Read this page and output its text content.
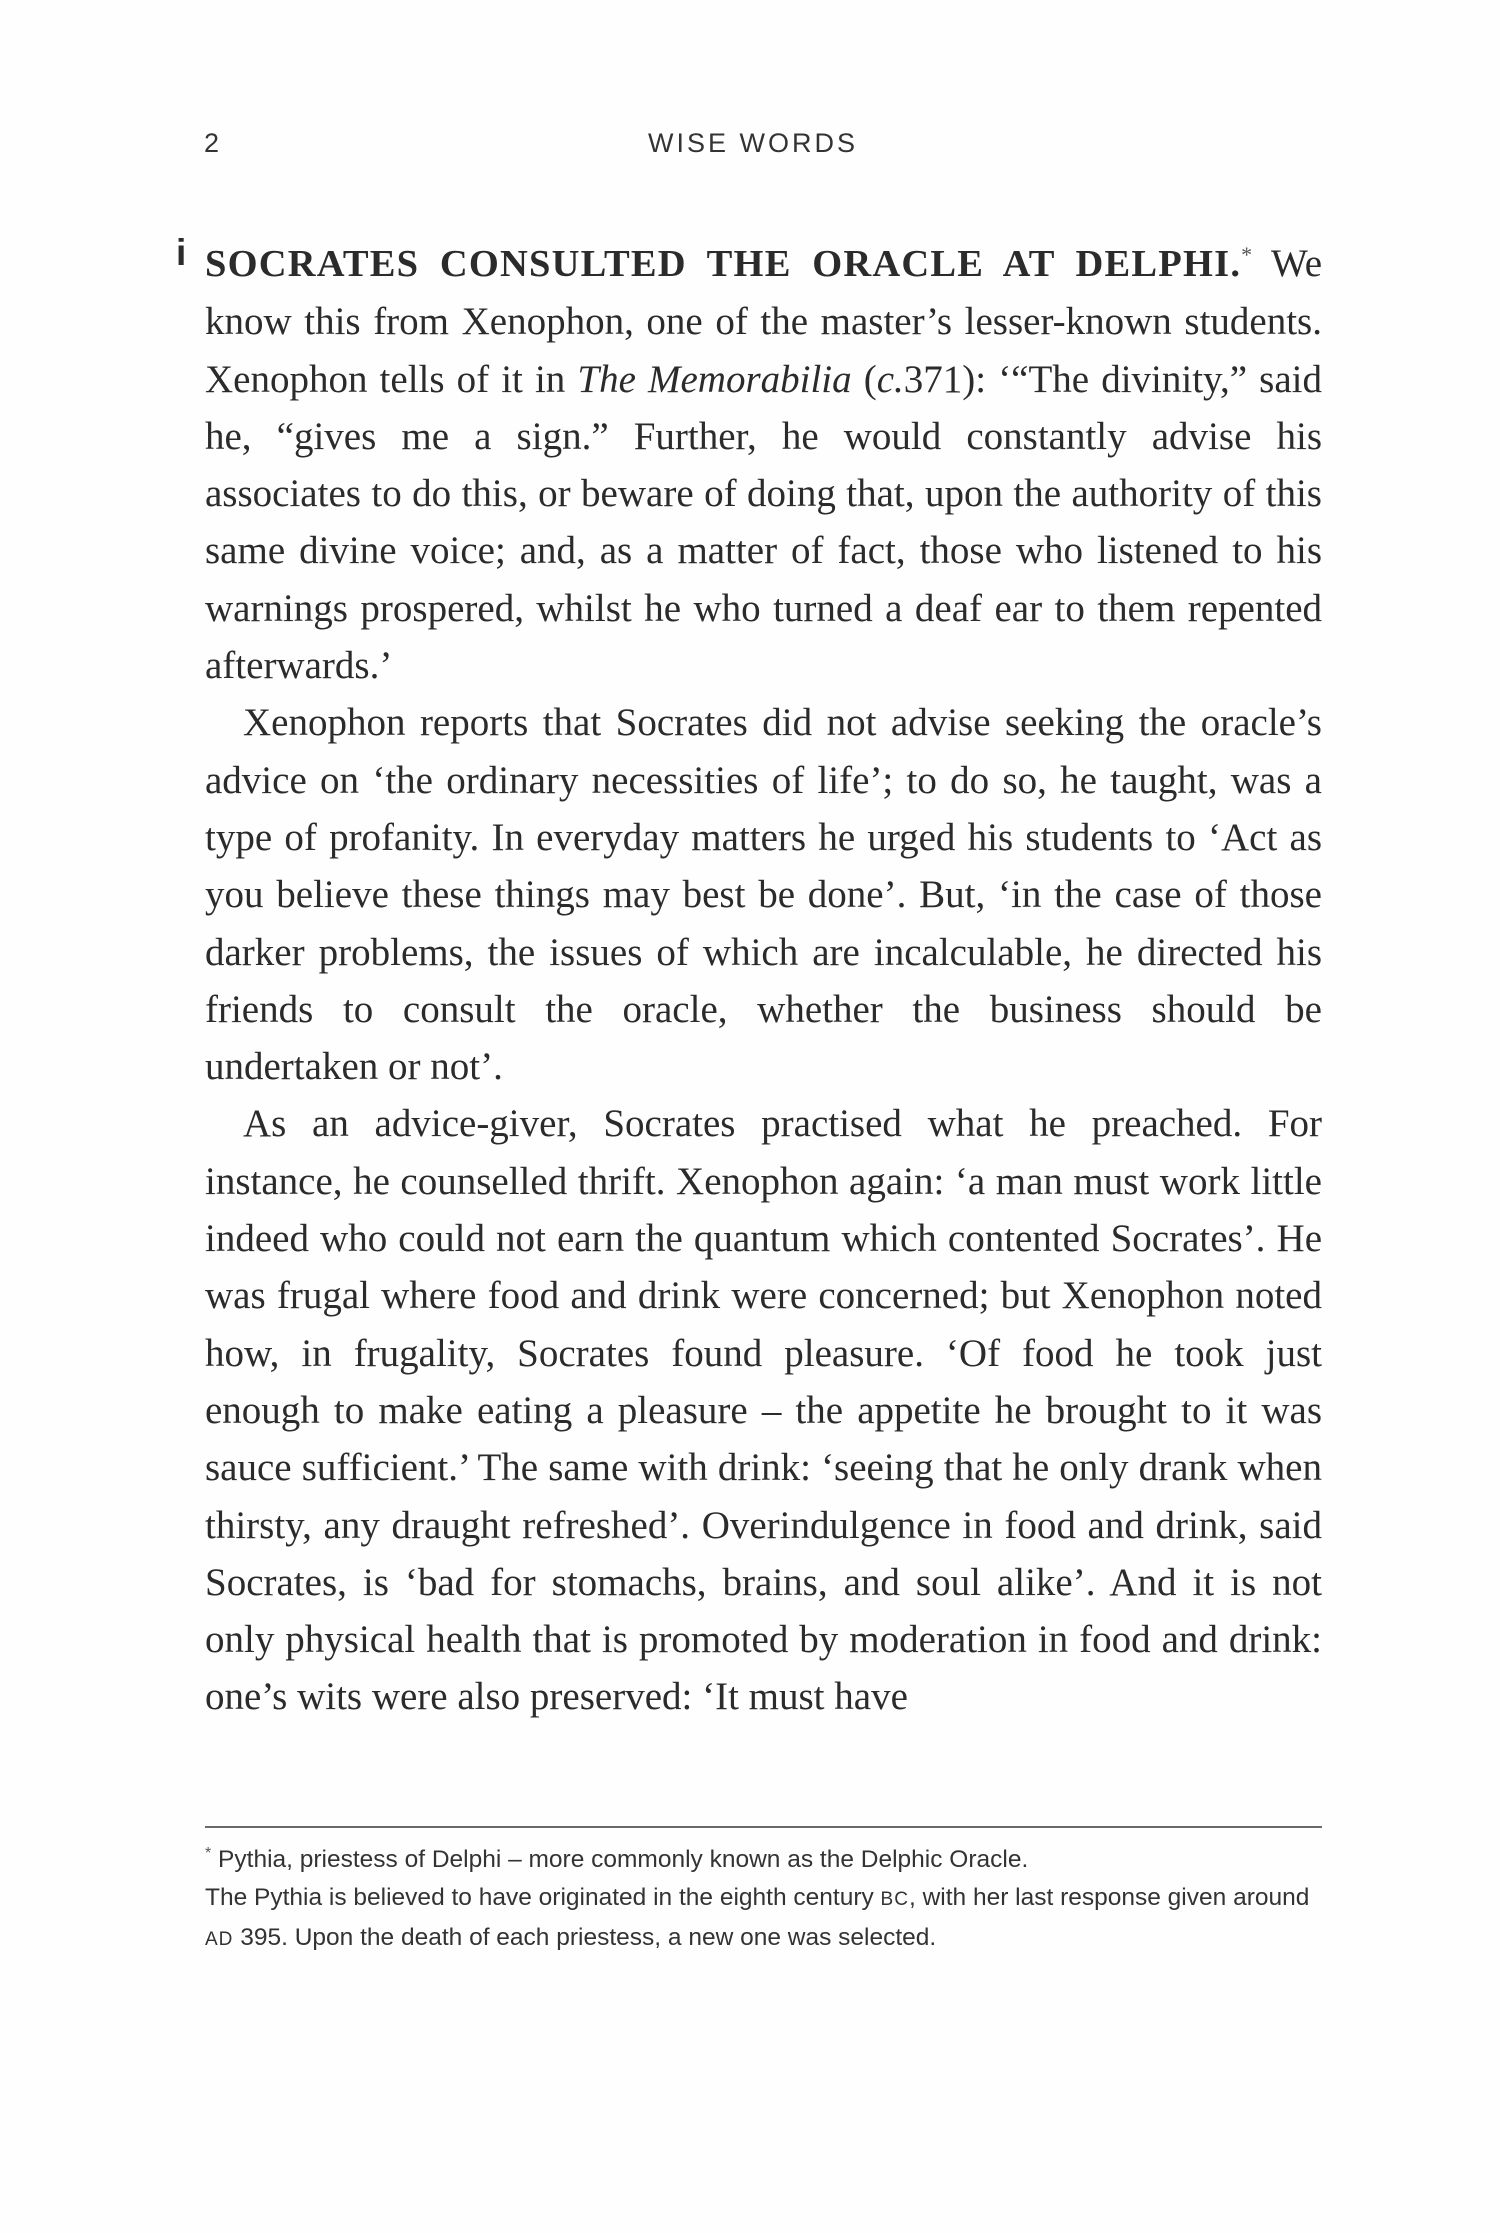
2	WISE WORDS
i SOCRATES CONSULTED THE ORACLE AT DELPHI.* We know this from Xenophon, one of the master’s lesser-known students. Xenophon tells of it in The Memorabilia (c.371): ‘“The divinity,” said he, “gives me a sign.” Further, he would constantly advise his associates to do this, or beware of doing that, upon the authority of this same divine voice; and, as a matter of fact, those who listened to his warnings prospered, whilst he who turned a deaf ear to them repented afterwards.’

Xenophon reports that Socrates did not advise seeking the oracle’s advice on ‘the ordinary necessities of life’; to do so, he taught, was a type of profanity. In everyday matters he urged his students to ‘Act as you believe these things may best be done’. But, ‘in the case of those darker problems, the issues of which are incalculable, he directed his friends to consult the oracle, whether the business should be undertaken or not’.

As an advice-giver, Socrates practised what he preached. For instance, he counselled thrift. Xenophon again: ‘a man must work little indeed who could not earn the quantum which contented Socrates’. He was frugal where food and drink were concerned; but Xenophon noted how, in frugality, Socrates found pleasure. ‘Of food he took just enough to make eating a pleasure – the appetite he brought to it was sauce sufficient.’ The same with drink: ‘seeing that he only drank when thirsty, any draught refreshed’. Overindulgence in food and drink, said Socrates, is ‘bad for stomachs, brains, and soul alike’. And it is not only physical health that is promoted by moderation in food and drink: one’s wits were also preserved: ‘It must have

* Pythia, priestess of Delphi – more commonly known as the Delphic Oracle.

The Pythia is believed to have originated in the eighth century BC, with her last response given around AD 395. Upon the death of each priestess, a new one was selected.
